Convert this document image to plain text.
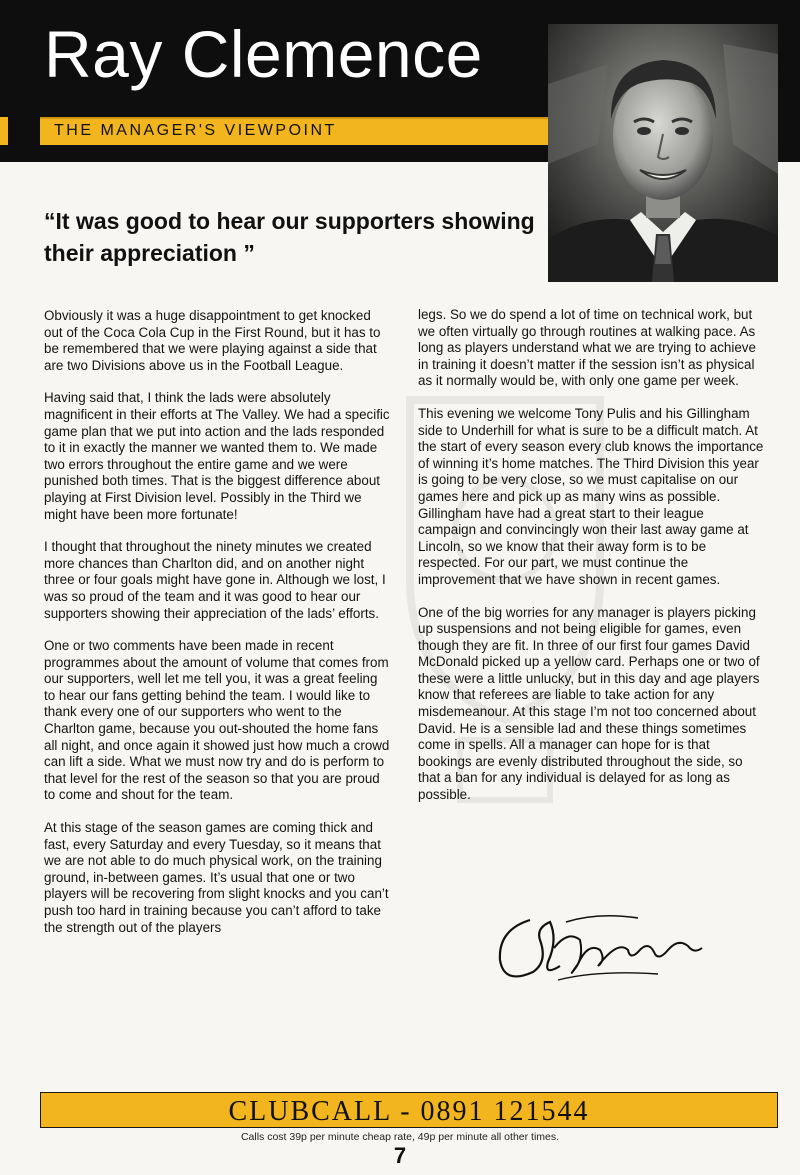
Ray Clemence
THE MANAGER'S VIEWPOINT

“It was good to hear our supporters showing their appreciation ”

Obviously it was a huge disappointment to get knocked out of the Coca Cola Cup in the First Round, but it has to be remembered that we were playing against a side that are two Divisions above us in the Football League.

Having said that, I think the lads were absolutely magnificent in their efforts at The Valley. We had a specific game plan that we put into action and the lads responded to it in exactly the manner we wanted them to. We made two errors throughout the entire game and we were punished both times. That is the biggest difference about playing at First Division level. Possibly in the Third we might have been more fortunate!

I thought that throughout the ninety minutes we created more chances than Charlton did, and on another night three or four goals might have gone in. Although we lost, I was so proud of the team and it was good to hear our supporters showing their appreciation of the lads’ efforts.

One or two comments have been made in recent programmes about the amount of volume that comes from our supporters, well let me tell you, it was a great feeling to hear our fans getting behind the team. I would like to thank every one of our supporters who went to the Charlton game, because you out-shouted the home fans all night, and once again it showed just how much a crowd can lift a side. What we must now try and do is perform to that level for the rest of the season so that you are proud to come and shout for the team.

At this stage of the season games are coming thick and fast, every Saturday and every Tuesday, so it means that we are not able to do much physical work, on the training ground, in-between games. It’s usual that one or two players will be recovering from slight knocks and you can’t push too hard in training because you can’t afford to take the strength out of the players

legs. So we do spend a lot of time on technical work, but we often virtually go through routines at walking pace. As long as players understand what we are trying to achieve in training it doesn’t matter if the session isn’t as physical as it normally would be, with only one game per week.

This evening we welcome Tony Pulis and his Gillingham side to Underhill for what is sure to be a difficult match. At the start of every season every club knows the importance of winning it’s home matches. The Third Division this year is going to be very close, so we must capitalise on our games here and pick up as many wins as possible. Gillingham have had a great start to their league campaign and convincingly won their last away game at Lincoln, so we know that their away form is to be respected. For our part, we must continue the improvement that we have shown in recent games.

One of the big worries for any manager is players picking up suspensions and not being eligible for games, even though they are fit. In three of our first four games David McDonald picked up a yellow card. Perhaps one or two of these were a little unlucky, but in this day and age players know that referees are liable to take action for any misdemeanour. At this stage I’m not too concerned about David. He is a sensible lad and these things sometimes come in spells. All a manager can hope for is that bookings are evenly distributed throughout the side, so that a ban for any individual is delayed for as long as possible.

CLUBCALL - 0891 121544
Calls cost 39p per minute cheap rate, 49p per minute all other times.
7
